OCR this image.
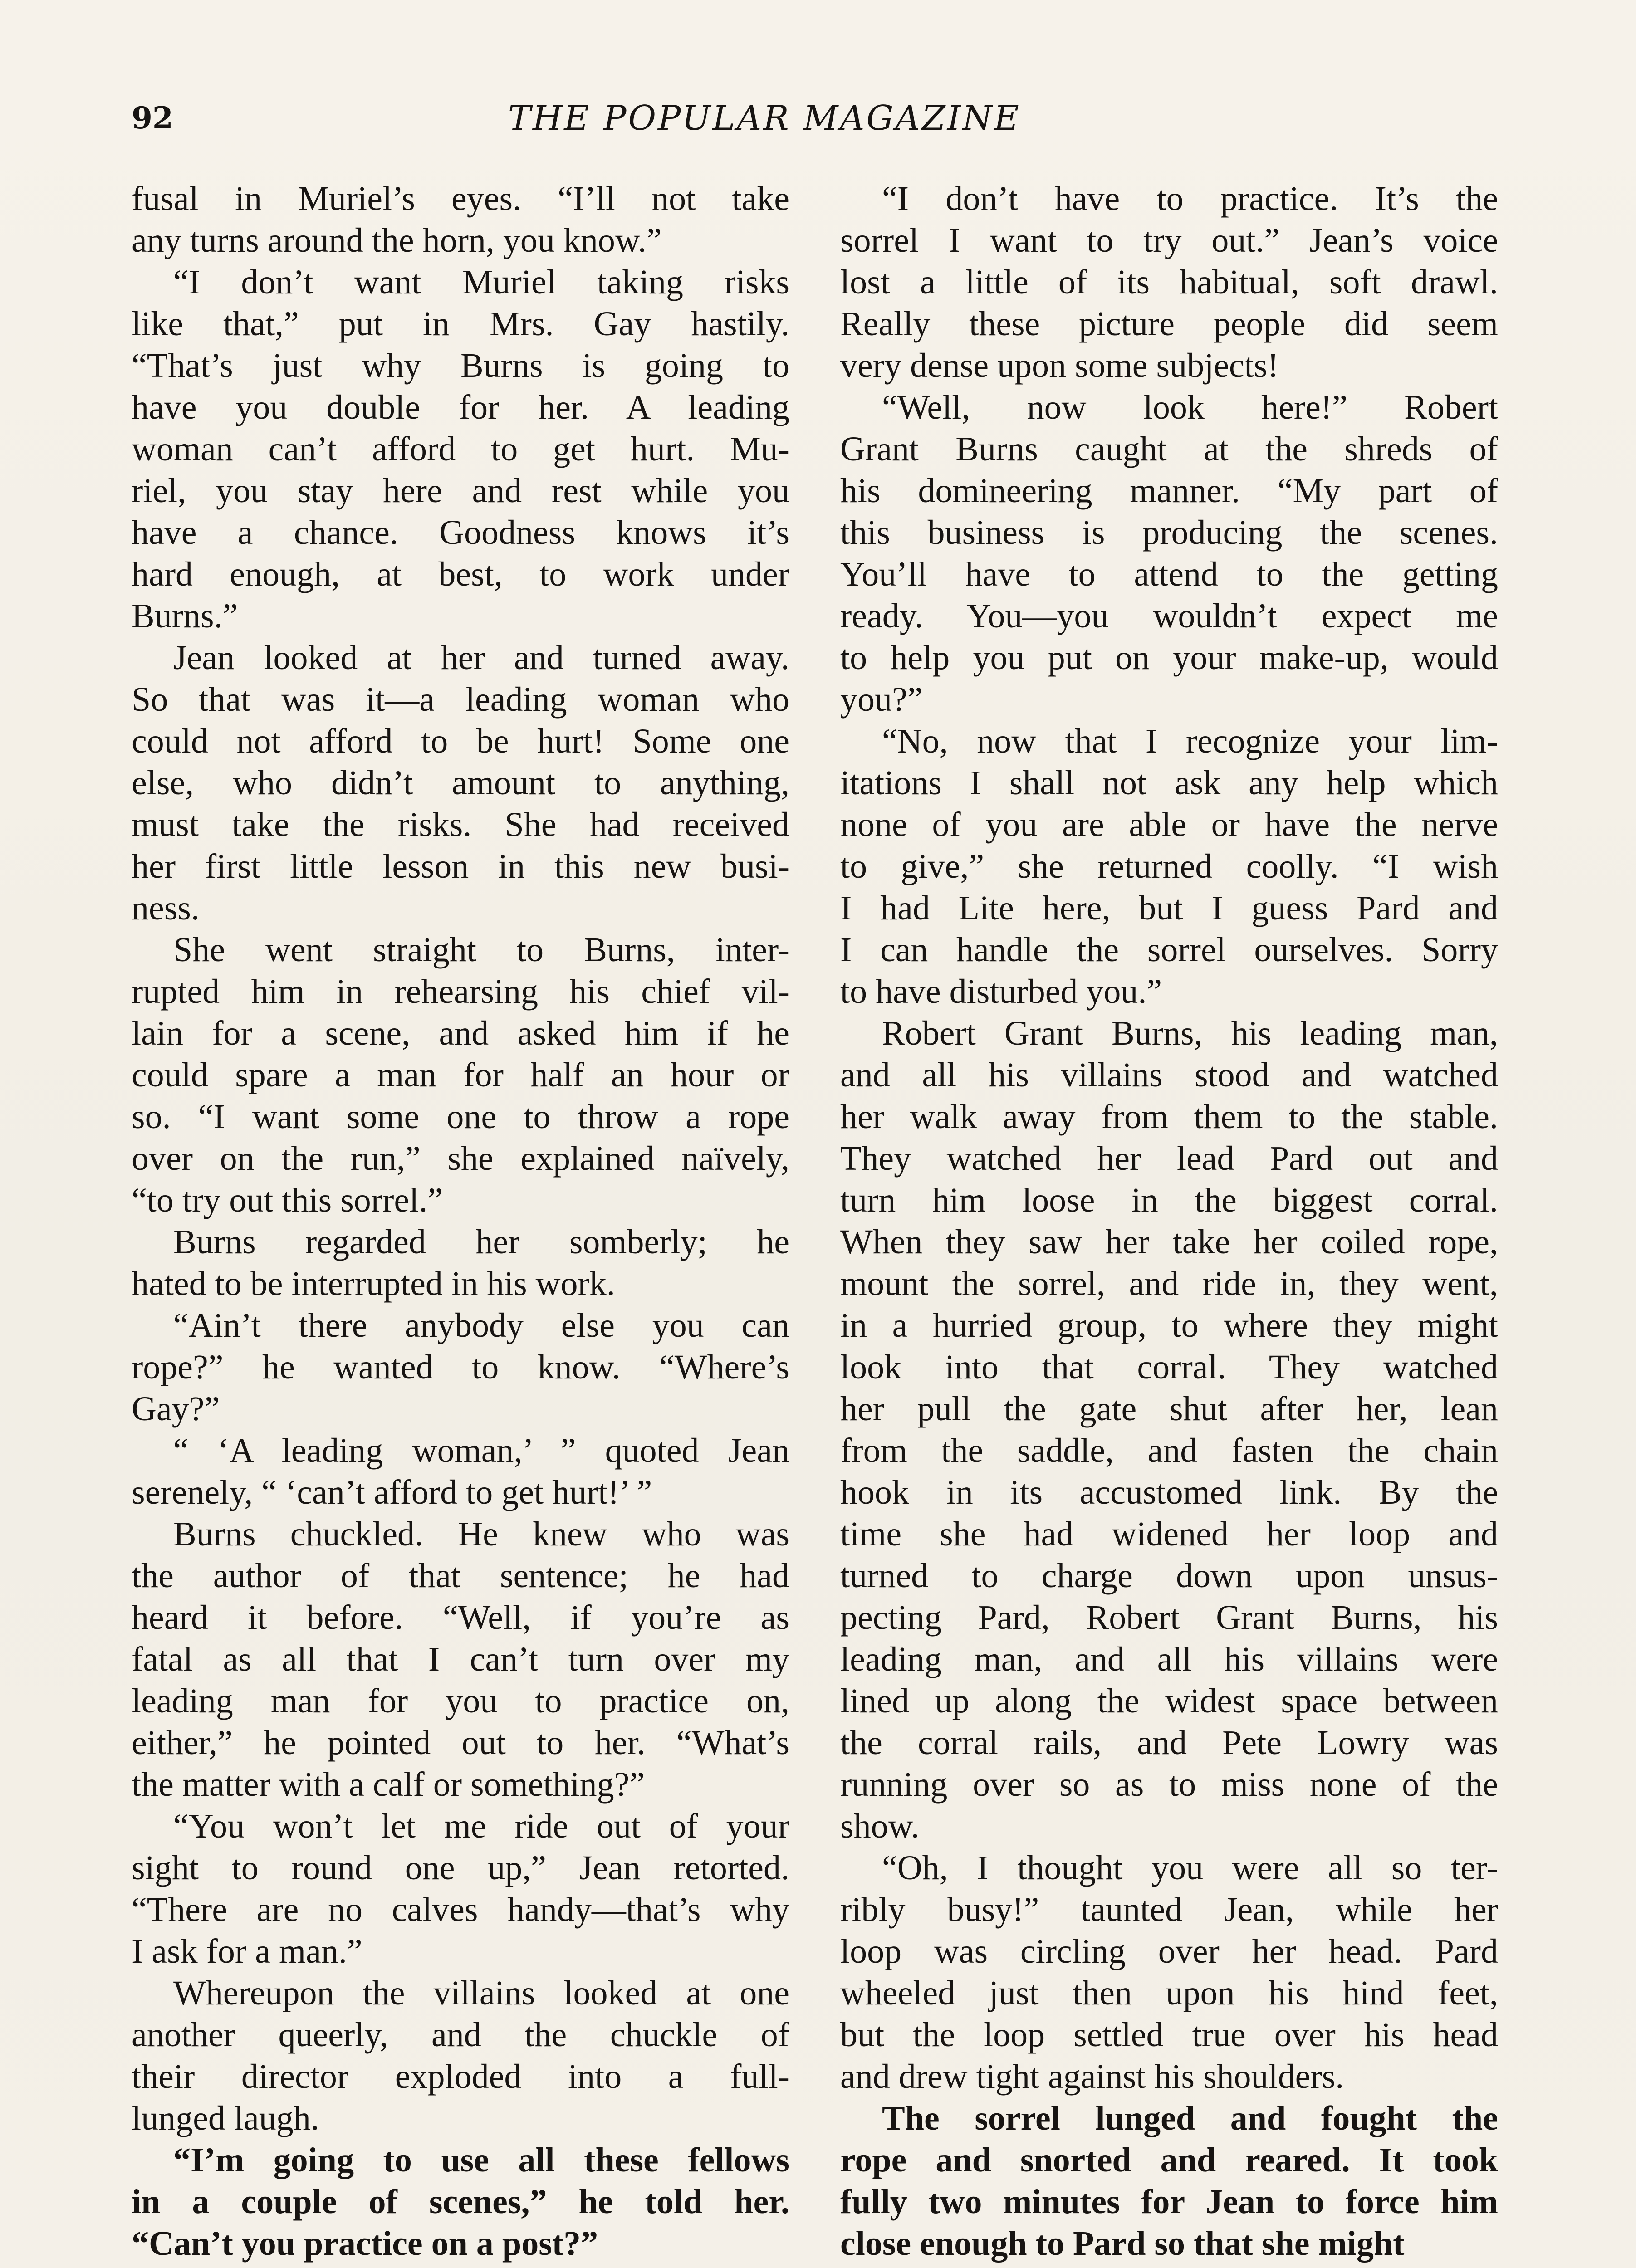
92	THE POPULAR MAGAZINE
fusal in Muriel’s eyes. “I’ll not take
any turns around the horn, you know.”
“I don’t want Muriel taking risks
like that,” put in Mrs. Gay hastily.
“That’s just why Burns is going to
have you double for her. A leading
woman can’t afford to get hurt. Mu-
riel, you stay here and rest while you
have a chance. Goodness knows it’s
hard enough, at best, to work under
Burns.”
Jean looked at her and turned away.
So that was it—a leading woman who
could not afford to be hurt! Some one
else, who didn’t amount to anything,
must take the risks. She had received
her first little lesson in this new busi-
ness.
She went straight to Burns, inter-
rupted him in rehearsing his chief vil-
lain for a scene, and asked him if he
could spare a man for half an hour or
so. “I want some one to throw a rope
over on the run,” she explained naïvely,
“to try out this sorrel.”
Burns regarded her somberly; he
hated to be interrupted in his work.
“Ain’t there anybody else you can
rope?” he wanted to know. “Where’s
Gay?”
“ ‘A leading woman,’ ” quoted Jean
serenely, “ ‘can’t afford to get hurt!’ ”
Burns chuckled. He knew who was
the author of that sentence; he had
heard it before. “Well, if you’re as
fatal as all that I can’t turn over my
leading man for you to practice on,
either,” he pointed out to her. “What’s
the matter with a calf or something?”
“You won’t let me ride out of your
sight to round one up,” Jean retorted.
“There are no calves handy—that’s why
I ask for a man.”
Whereupon the villains looked at one
another queerly, and the chuckle of
their director exploded into a full-
lunged laugh.
“I’m going to use all these fellows
in a couple of scenes,” he told her.
“Can’t you practice on a post?”
“I don’t have to practice. It’s the
sorrel I want to try out.” Jean’s voice
lost a little of its habitual, soft drawl.
Really these picture people did seem
very dense upon some subjects!
“Well, now look here!” Robert
Grant Burns caught at the shreds of
his domineering manner. “My part of
this business is producing the scenes.
You’ll have to attend to the getting
ready. You—you wouldn’t expect me
to help you put on your make-up, would
you?”
“No, now that I recognize your lim-
itations I shall not ask any help which
none of you are able or have the nerve
to give,” she returned coolly. “I wish
I had Lite here, but I guess Pard and
I can handle the sorrel ourselves. Sorry
to have disturbed you.”
Robert Grant Burns, his leading man,
and all his villains stood and watched
her walk away from them to the stable.
They watched her lead Pard out and
turn him loose in the biggest corral.
When they saw her take her coiled rope,
mount the sorrel, and ride in, they went,
in a hurried group, to where they might
look into that corral. They watched
her pull the gate shut after her, lean
from the saddle, and fasten the chain
hook in its accustomed link. By the
time she had widened her loop and
turned to charge down upon unsus-
pecting Pard, Robert Grant Burns, his
leading man, and all his villains were
lined up along the widest space between
the corral rails, and Pete Lowry was
running over so as to miss none of the
show.
“Oh, I thought you were all so ter-
ribly busy!” taunted Jean, while her
loop was circling over her head. Pard
wheeled just then upon his hind feet,
but the loop settled true over his head
and drew tight against his shoulders.
The sorrel lunged and fought the
rope and snorted and reared. It took
fully two minutes for Jean to force him
close enough to Pard so that she might
